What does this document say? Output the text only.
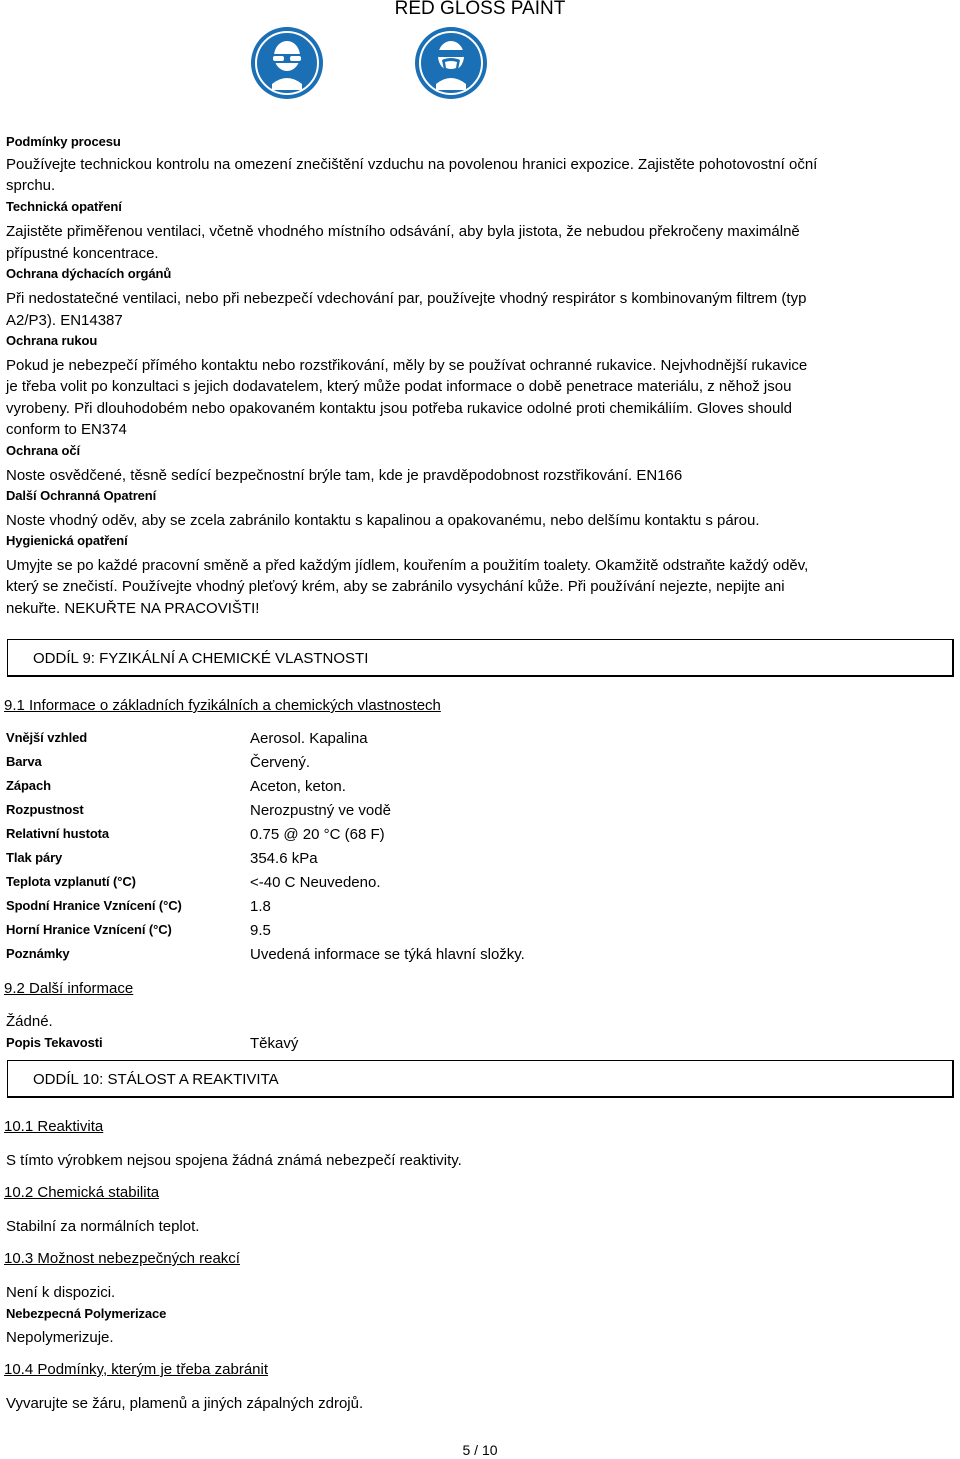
RED GLOSS PAINT
Podmínky procesu
Používejte technickou kontrolu na omezení znečištění vzduchu na povolenou hranici expozice. Zajistěte pohotovostní oční
sprchu.
Technická opatření
Zajistěte přiměřenou ventilaci, včetně vhodného místního odsávání, aby byla jistota, že nebudou překročeny maximálně
přípustné koncentrace.
Ochrana dýchacích orgánů
Při nedostatečné ventilaci, nebo při nebezpečí vdechování par, používejte vhodný respirátor s kombinovaným filtrem (typ
A2/P3). EN14387
Ochrana rukou
Pokud je nebezpečí přímého kontaktu nebo rozstřikování, měly by se používat ochranné rukavice. Nejvhodnější rukavice
je třeba volit po konzultaci s jejich dodavatelem, který může podat informace o době penetrace materiálu, z něhož jsou
vyrobeny. Při dlouhodobém nebo opakovaném kontaktu jsou potřeba rukavice odolné proti chemikáliím. Gloves should
conform to EN374
Ochrana očí
Noste osvědčené, těsně sedící bezpečnostní brýle tam, kde je pravděpodobnost rozstřikování. EN166
Další Ochranná Opatrení
Noste vhodný oděv, aby se zcela zabránilo kontaktu s kapalinou a opakovanému, nebo delšímu kontaktu s párou.
Hygienická opatření
Umyjte se po každé pracovní směně a před každým jídlem, kouřením a použitím toalety. Okamžitě odstraňte každý oděv,
který se znečistí. Používejte vhodný pleťový krém, aby se zabránilo vysychání kůže. Při používání nejezte, nepijte ani
nekuřte. NEKUŘTE NA PRACOVIŠTI!
ODDÍL 9: FYZIKÁLNÍ A CHEMICKÉ VLASTNOSTI
9.1 Informace o základních fyzikálních a chemických vlastnostech
Vnější vzhled	Aerosol. Kapalina
Barva	Červený.
Zápach	Aceton, keton.
Rozpustnost	Nerozpustný ve vodě
Relativní hustota	0.75 @ 20 °C (68 F)
Tlak páry	354.6 kPa
Teplota vzplanutí (°C)	<-40 C Neuvedeno.
Spodní Hranice Vznícení (°C)	1.8
Horní Hranice Vznícení (°C)	9.5
Poznámky	Uvedená informace se týká hlavní složky.
9.2 Další informace
Žádné.
Popis Tekavosti	Těkavý
ODDÍL 10: STÁLOST A REAKTIVITA
10.1 Reaktivita
S tímto výrobkem nejsou spojena žádná známá nebezpečí reaktivity.
10.2 Chemická stabilita
Stabilní za normálních teplot.
10.3 Možnost nebezpečných reakcí
Není k dispozici.
Nebezpecná Polymerizace
Nepolymerizuje.
10.4 Podmínky, kterým je třeba zabránit
Vyvarujte se žáru, plamenů a jiných zápalných zdrojů.
5 / 10
